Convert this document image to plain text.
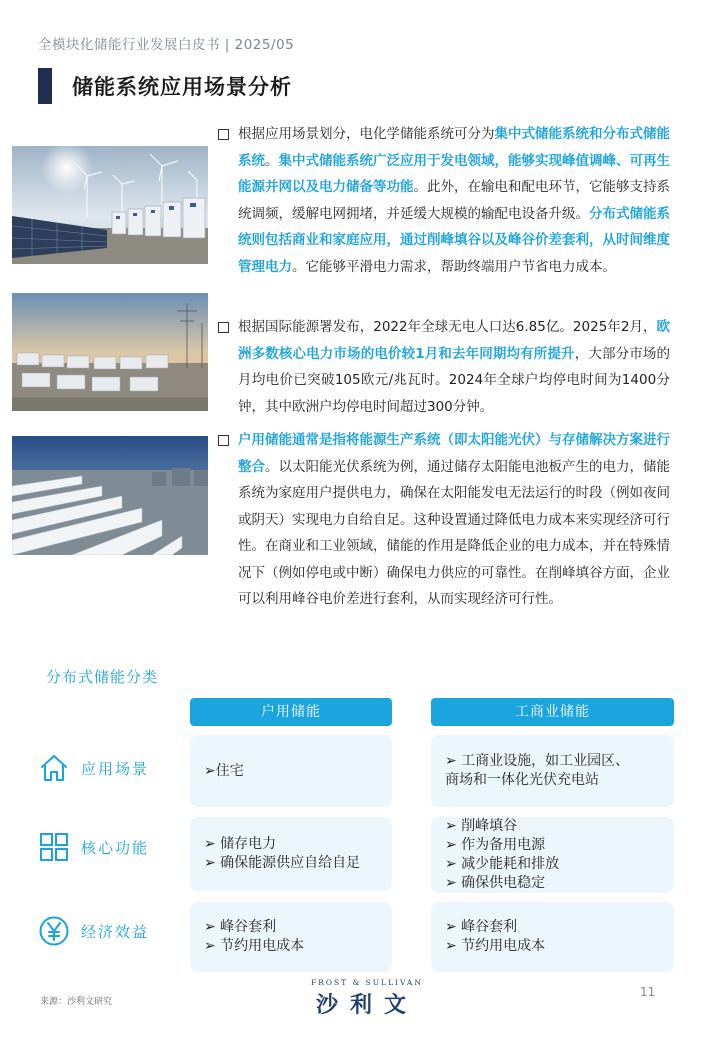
全模块化储能行业发展白皮书 | 2025/05
储能系统应用场景分析
根据应用场景划分，电化学储能系统可分为集中式储能系统和分布式储能系统。集中式储能系统广泛应用于发电领域，能够实现峰值调峰、可再生能源并网以及电力储备等功能。此外，在输电和配电环节，它能够支持系统调频，缓解电网拥堵，并延缓大规模的输配电设备升级。分布式储能系统则包括商业和家庭应用，通过削峰填谷以及峰谷价差套利，从时间维度管理电力。它能够平滑电力需求，帮助终端用户节省电力成本。
根据国际能源署发布，2022年全球无电人口达6.85亿。2025年2月，欧洲多数核心电力市场的电价较1月和去年同期均有所提升，大部分市场的月均电价已突破105欧元/兆瓦时。2024年全球户均停电时间为1400分钟，其中欧洲户均停电时间超过300分钟。
户用储能通常是指将能源生产系统（即太阳能光伏）与存储解决方案进行整合。以太阳能光伏系统为例，通过储存太阳能电池板产生的电力，储能系统为家庭用户提供电力，确保在太阳能发电无法运行的时段（例如夜间或阴天）实现电力自给自足。这种设置通过降低电力成本来实现经济可行性。在商业和工业领域，储能的作用是降低企业的电力成本，并在特殊情况下（例如停电或中断）确保电力供应的可靠性。在削峰填谷方面，企业可以利用峰谷电价差进行套利，从而实现经济可行性。
分布式储能分类
户用储能	工商业储能
应用场景
核心功能
经济效益
➢住宅
➢ 工商业设施，如工业园区、
商场和一体化光伏充电站
➢ 储存电力
➢ 确保能源供应自给自足
➢ 削峰填谷
➢ 作为备用电源
➢ 减少能耗和排放
➢ 确保供电稳定
➢ 峰谷套利
➢ 节约用电成本
➢ 峰谷套利
➢ 节约用电成本
来源：沙利文研究
FROST & SULLIVAN
沙利文
11
